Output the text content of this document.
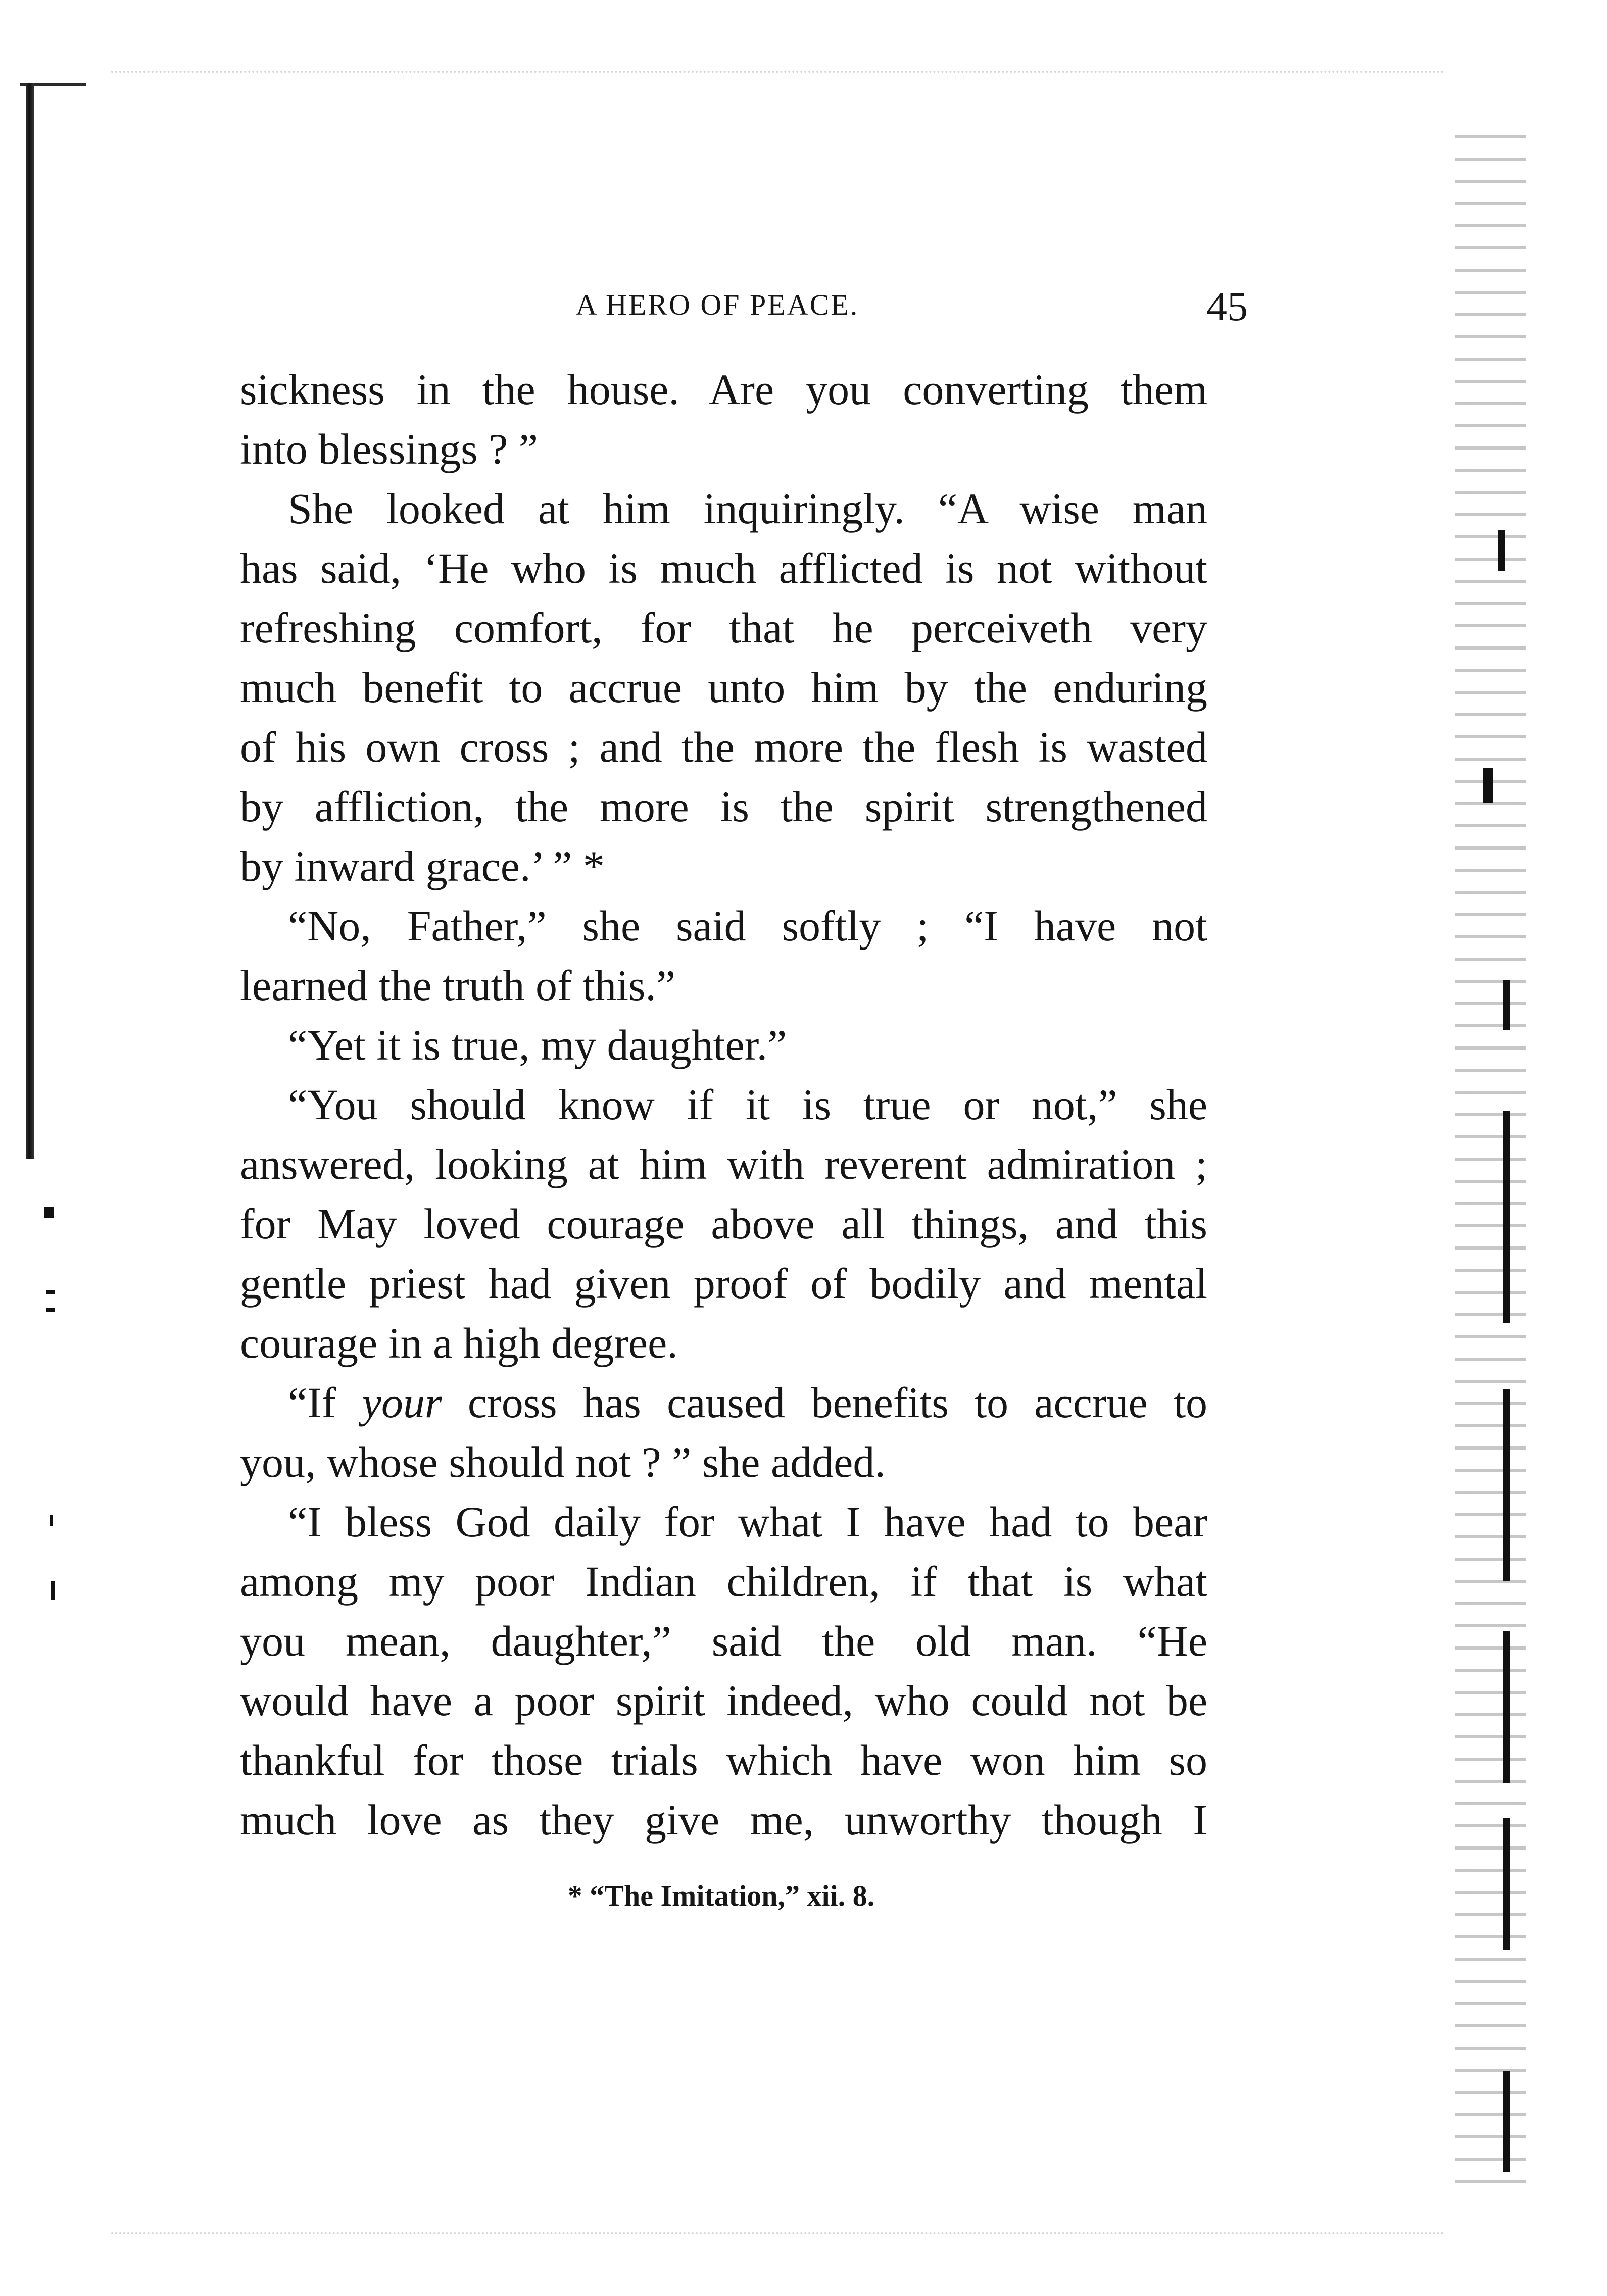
A HERO OF PEACE.	45
sickness in the house. Are you converting them
into blessings ? ”
She looked at him inquiringly. “A wise man
has said, ‘He who is much afflicted is not without
refreshing comfort, for that he perceiveth very
much benefit to accrue unto him by the enduring
of his own cross ; and the more the flesh is wasted
by affliction, the more is the spirit strengthened
by inward grace.’ ” *
“No, Father,” she said softly ; “I have not
learned the truth of this.”
“Yet it is true, my daughter.”
“You should know if it is true or not,” she
answered, looking at him with reverent admiration ;
for May loved courage above all things, and this
gentle priest had given proof of bodily and mental
courage in a high degree.
“If your cross has caused benefits to accrue to
you, whose should not ? ” she added.
“I bless God daily for what I have had to bear
among my poor Indian children, if that is what
you mean, daughter,” said the old man. “He
would have a poor spirit indeed, who could not be
thankful for those trials which have won him so
much love as they give me, unworthy though I
* “The Imitation,” xii. 8.
